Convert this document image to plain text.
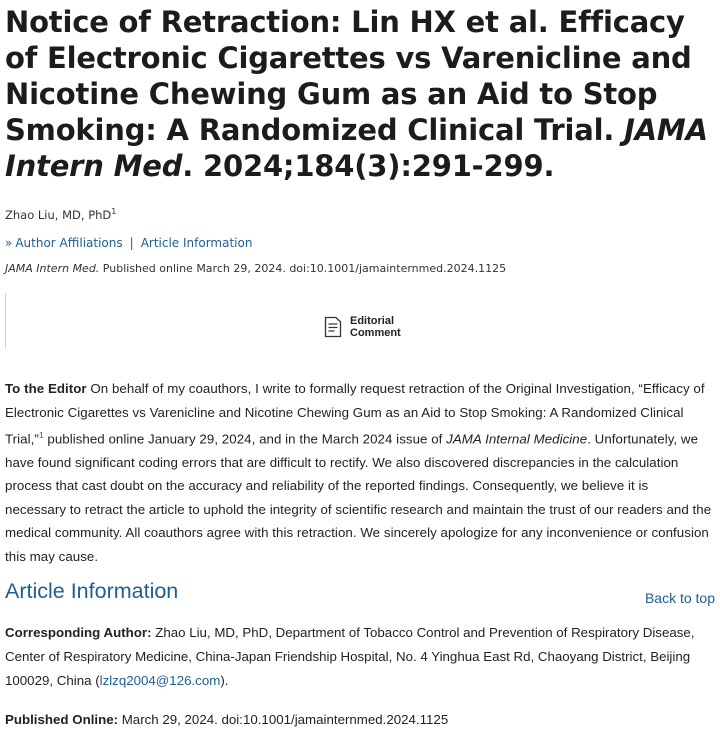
Notice of Retraction: Lin HX et al. Efficacy of Electronic Cigarettes vs Varenicline and Nicotine Chewing Gum as an Aid to Stop Smoking: A Randomized Clinical Trial. JAMA Intern Med. 2024;184(3):291-299.
Zhao Liu, MD, PhD$^1$
» Author Affiliations | Article Information
JAMA Intern Med. Published online March 29, 2024. doi:10.1001/jamainternmed.2024.1125
Editorial
Comment

To the Editor On behalf of my coauthors, I write to formally request retraction of the Original Investigation, “Efficacy of Electronic Cigarettes vs Varenicline and Nicotine Chewing Gum as an Aid to Stop Smoking: A Randomized Clinical Trial,”$^1$ published online January 29, 2024, and in the March 2024 issue of JAMA Internal Medicine. Unfortunately, we have found significant coding errors that are difficult to rectify. We also discovered discrepancies in the calculation process that cast doubt on the accuracy and reliability of the reported findings. Consequently, we believe it is necessary to retract the article to uphold the integrity of scientific research and maintain the trust of our readers and the medical community. All coauthors agree with this retraction. We sincerely apologize for any inconvenience or confusion this may cause.

Article Information	Back to top

Corresponding Author: Zhao Liu, MD, PhD, Department of Tobacco Control and Prevention of Respiratory Disease, Center of Respiratory Medicine, China-Japan Friendship Hospital, No. 4 Yinghua East Rd, Chaoyang District, Beijing 100029, China (lzlzq2004@126.com).

Published Online: March 29, 2024. doi:10.1001/jamainternmed.2024.1125
